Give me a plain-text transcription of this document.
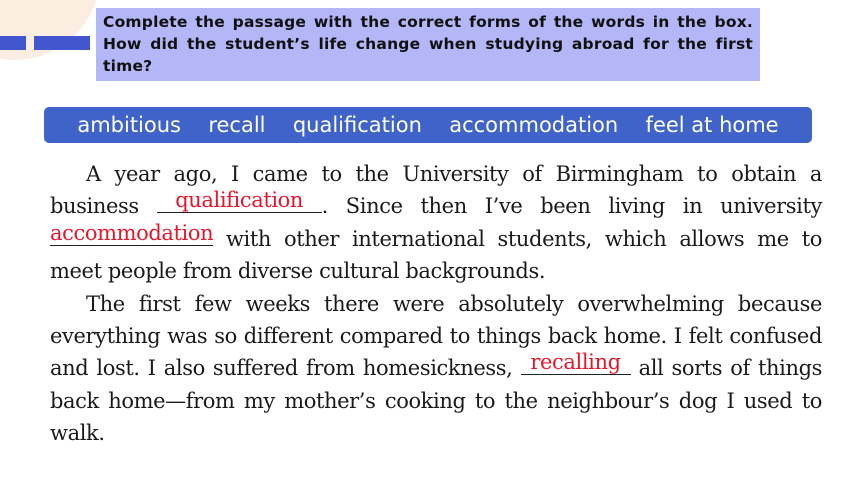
Complete the passage with the correct forms of the words in the box. How did the student’s life change when studying abroad for the first time?
ambitious recall qualification accommodation feel at home

A year ago, I came to the University of Birmingham to obtain a business qualification . Since then I’ve been living in university
accommodation with other international students, which allows me to meet people from diverse cultural backgrounds.

The first few weeks there were absolutely overwhelming because everything was so different compared to things back home. I felt confused and lost. I also suffered from homesickness, recalling all sorts of things back home—from my mother’s cooking to the neighbour’s dog I used to walk.
